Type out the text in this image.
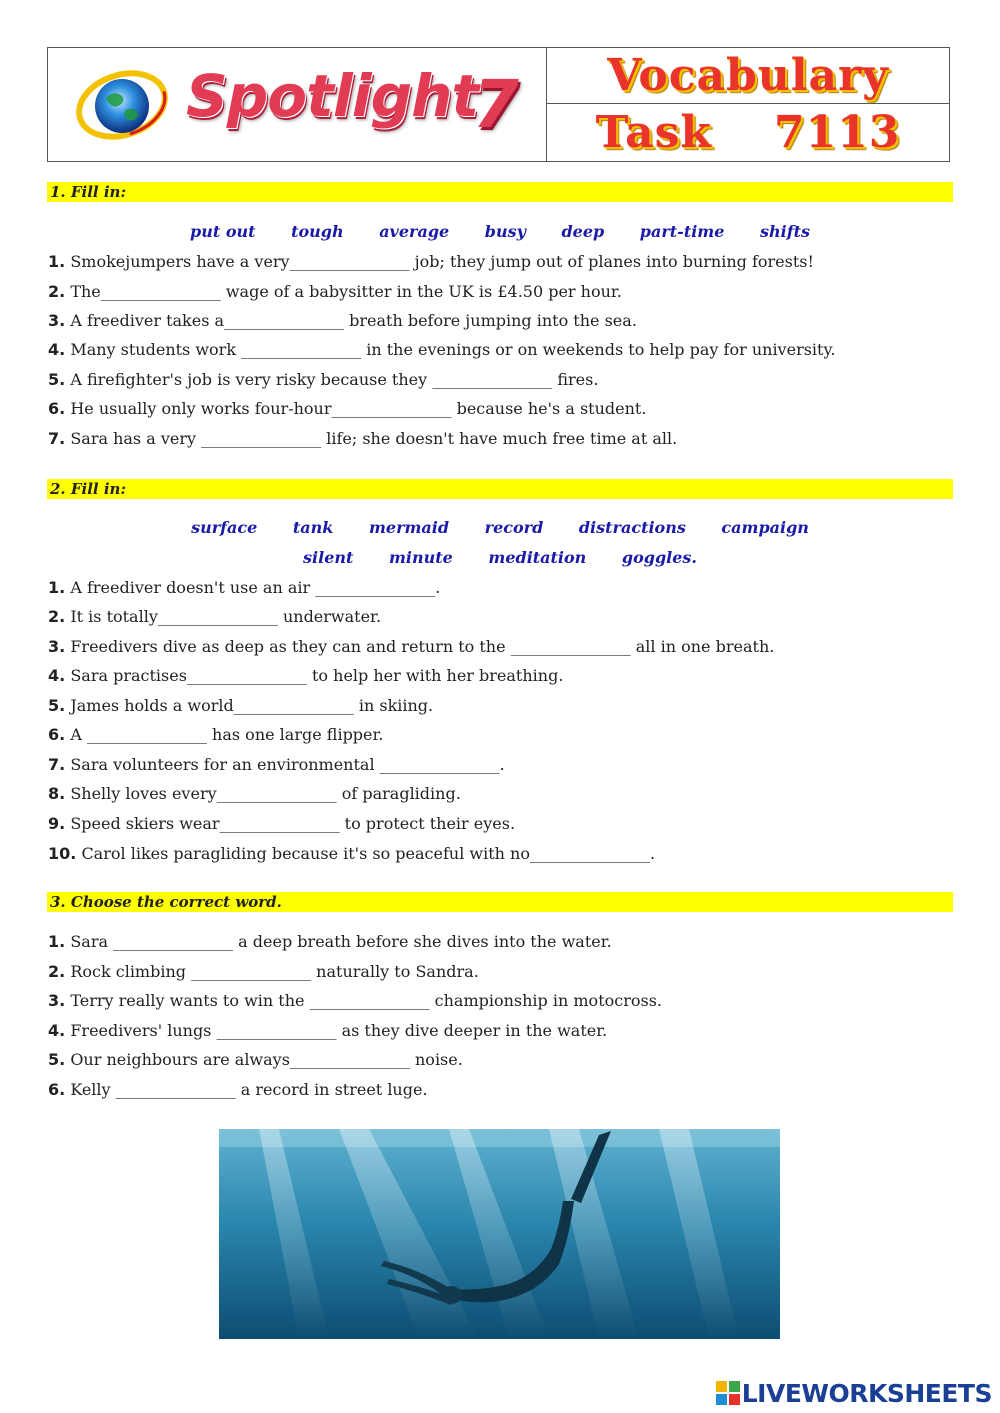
Spotlight
7	Vocabulary
Task 7113
1. Fill in:
put out tough average busy deep part-time shifts
1. Smokejumpers have a very_______________ job; they jump out of planes into burning forests!
2. The_______________ wage of a babysitter in the UK is £4.50 per hour.
3. A freediver takes a_______________ breath before jumping into the sea.
4. Many students work _______________ in the evenings or on weekends to help pay for university.
5. A firefighter's job is very risky because they _______________ fires.
6. He usually only works four-hour_______________ because he's a student.
7. Sara has a very _______________ life; she doesn't have much free time at all.
2. Fill in:
surface tank mermaid record distractions campaign
silent minute meditation goggles.
1. A freediver doesn't use an air _______________.
2. It is totally_______________ underwater.
3. Freedivers dive as deep as they can and return to the _______________ all in one breath.
4. Sara practises_______________ to help her with her breathing.
5. James holds a world_______________ in skiing.
6. A _______________ has one large flipper.
7. Sara volunteers for an environmental _______________.
8. Shelly loves every_______________ of paragliding.
9. Speed skiers wear_______________ to protect their eyes.
10. Carol likes paragliding because it's so peaceful with no_______________.
3. Choose the correct word.
1. Sara _______________ a deep breath before she dives into the water.
2. Rock climbing _______________ naturally to Sandra.
3. Terry really wants to win the _______________ championship in motocross.
4. Freedivers' lungs _______________ as they dive deeper in the water.
5. Our neighbours are always_______________ noise.
6. Kelly _______________ a record in street luge.
LIVEWORKSHEETS
